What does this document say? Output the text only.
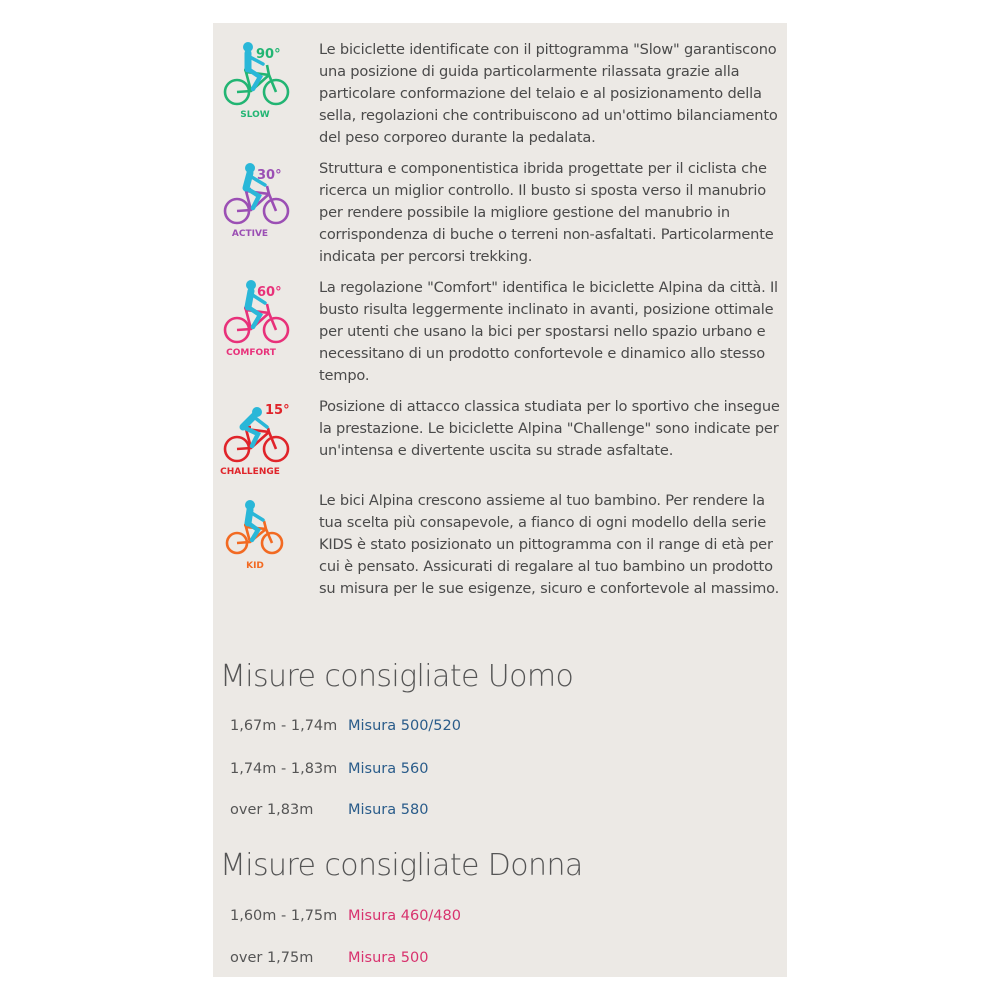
90°
SLOW

Le biciclette identificate con il pittogramma "Slow" garantiscono una posizione di guida particolarmente rilassata grazie alla particolare conformazione del telaio e al posizionamento della sella, regolazioni che contribuiscono ad un'ottimo bilanciamento del peso corporeo durante la pedalata.

30°
ACTIVE

Struttura e componentistica ibrida progettate per il ciclista che ricerca un miglior controllo. Il busto si sposta verso il manubrio per rendere possibile la migliore gestione del manubrio in corrispondenza di buche o terreni non-asfaltati. Particolarmente indicata per percorsi trekking.

60°
COMFORT

La regolazione "Comfort" identifica le biciclette Alpina da città. Il busto risulta leggermente inclinato in avanti, posizione ottimale per utenti che usano la bici per spostarsi nello spazio urbano e necessitano di un prodotto confortevole e dinamico allo stesso tempo.

15°
CHALLENGE

Posizione di attacco classica studiata per lo sportivo che insegue la prestazione. Le biciclette Alpina "Challenge" sono indicate per un'intensa e divertente uscita su strade asfaltate.

KID

Le bici Alpina crescono assieme al tuo bambino. Per rendere la tua scelta più consapevole, a fianco di ogni modello della serie KIDS è stato posizionato un pittogramma con il range di età per cui è pensato. Assicurati di regalare al tuo bambino un prodotto su misura per le sue esigenze, sicuro e confortevole al massimo.

Misure consigliate Uomo
1,67m - 1,74m Misura 500/520
1,74m - 1,83m Misura 560
over 1,83m Misura 580
Misure consigliate Donna
1,60m - 1,75m Misura 460/480
over 1,75m Misura 500
